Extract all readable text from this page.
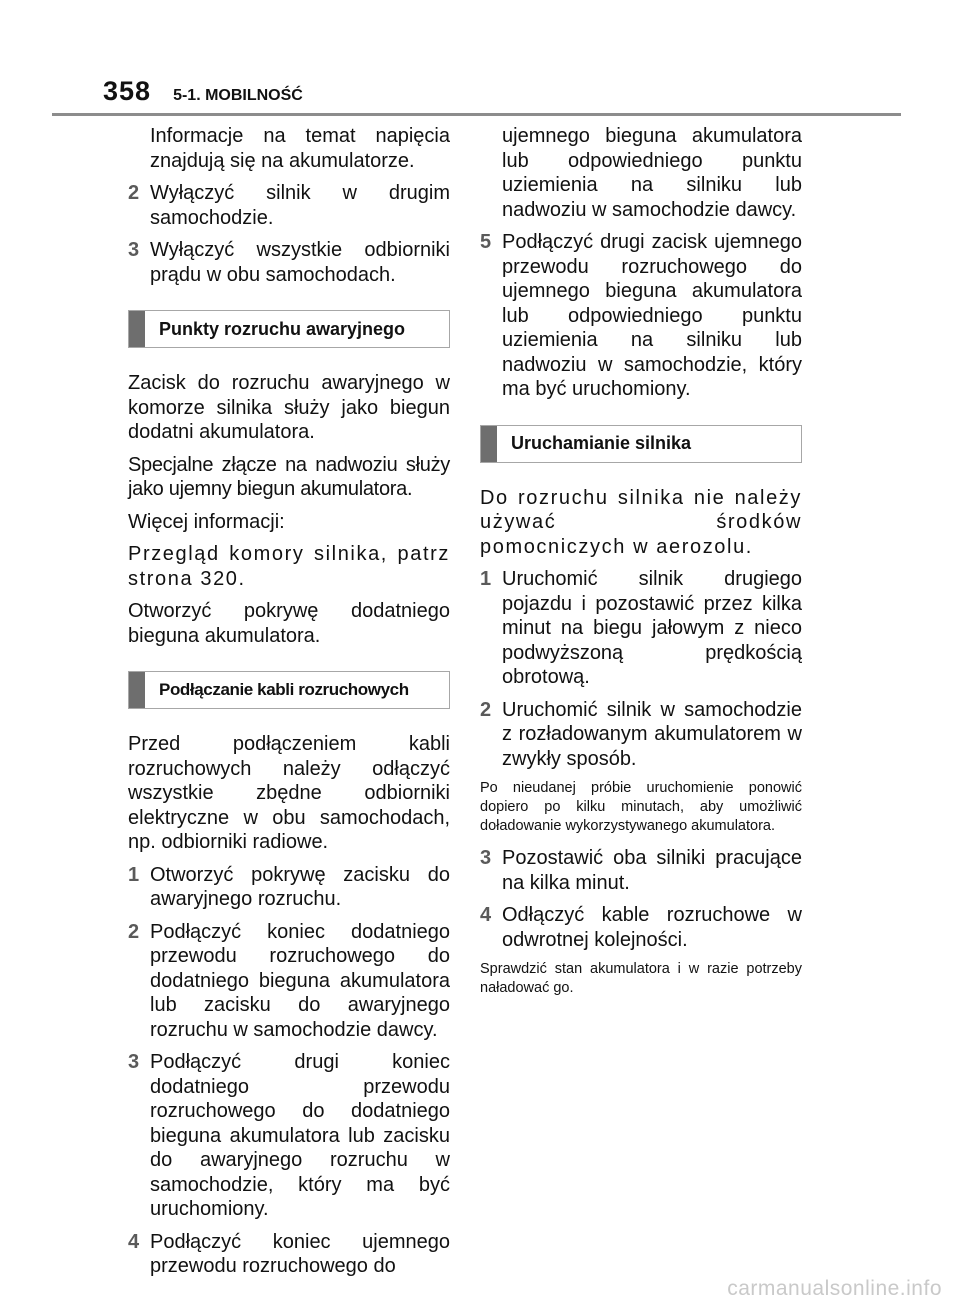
358 5-1. MOBILNOŚĆ

Informacje na temat napięcia znajdują się na akumulatorze.

2 Wyłączyć silnik w drugim samochodzie.
3 Wyłączyć wszystkie odbiorniki prądu w obu samochodach.
Punkty rozruchu awaryjnego

Zacisk do rozruchu awaryjnego w komorze silnika służy jako biegun dodatni akumulatora.

Specjalne złącze na nadwoziu służy jako ujemny biegun akumulatora.

Więcej informacji:

Przegląd komory silnika, patrz strona 320.

Otworzyć pokrywę dodatniego bieguna akumulatora.

Podłączanie kabli rozruchowych

Przed podłączeniem kabli rozruchowych należy odłączyć wszystkie zbędne odbiorniki elektryczne w obu samochodach, np. odbiorniki radiowe.

1 Otworzyć pokrywę zacisku do awaryjnego rozruchu.
2 Podłączyć koniec dodatniego przewodu rozruchowego do dodatniego bieguna akumulatora lub zacisku do awaryjnego rozruchu w samochodzie dawcy.
3 Podłączyć drugi koniec dodatniego przewodu rozruchowego do dodatniego bieguna akumulatora lub zacisku do awaryjnego rozruchu w samochodzie, który ma być uruchomiony.
4 Podłączyć koniec ujemnego przewodu rozruchowego do

ujemnego bieguna akumulatora lub odpowiedniego punktu uziemienia na silniku lub nadwoziu w samochodzie dawcy.

5 Podłączyć drugi zacisk ujemnego przewodu rozruchowego do ujemnego bieguna akumulatora lub odpowiedniego punktu uziemienia na silniku lub nadwoziu w samochodzie, który ma być uruchomiony.
Uruchamianie silnika

Do rozruchu silnika nie należy używać środków pomocniczych w aerozolu.

1 Uruchomić silnik drugiego pojazdu i pozostawić przez kilka minut na biegu jałowym z nieco podwyższoną prędkością obrotową.
2 Uruchomić silnik w samochodzie z rozładowanym akumulatorem w zwykły sposób.

Po nieudanej próbie uruchomienie ponowić dopiero po kilku minutach, aby umożliwić doładowanie wykorzystywanego akumulatora.

3 Pozostawić oba silniki pracujące na kilka minut.
4 Odłączyć kable rozruchowe w odwrotnej kolejności.

Sprawdzić stan akumulatora i w razie potrzeby naładować go.

carmanualsonline.info
